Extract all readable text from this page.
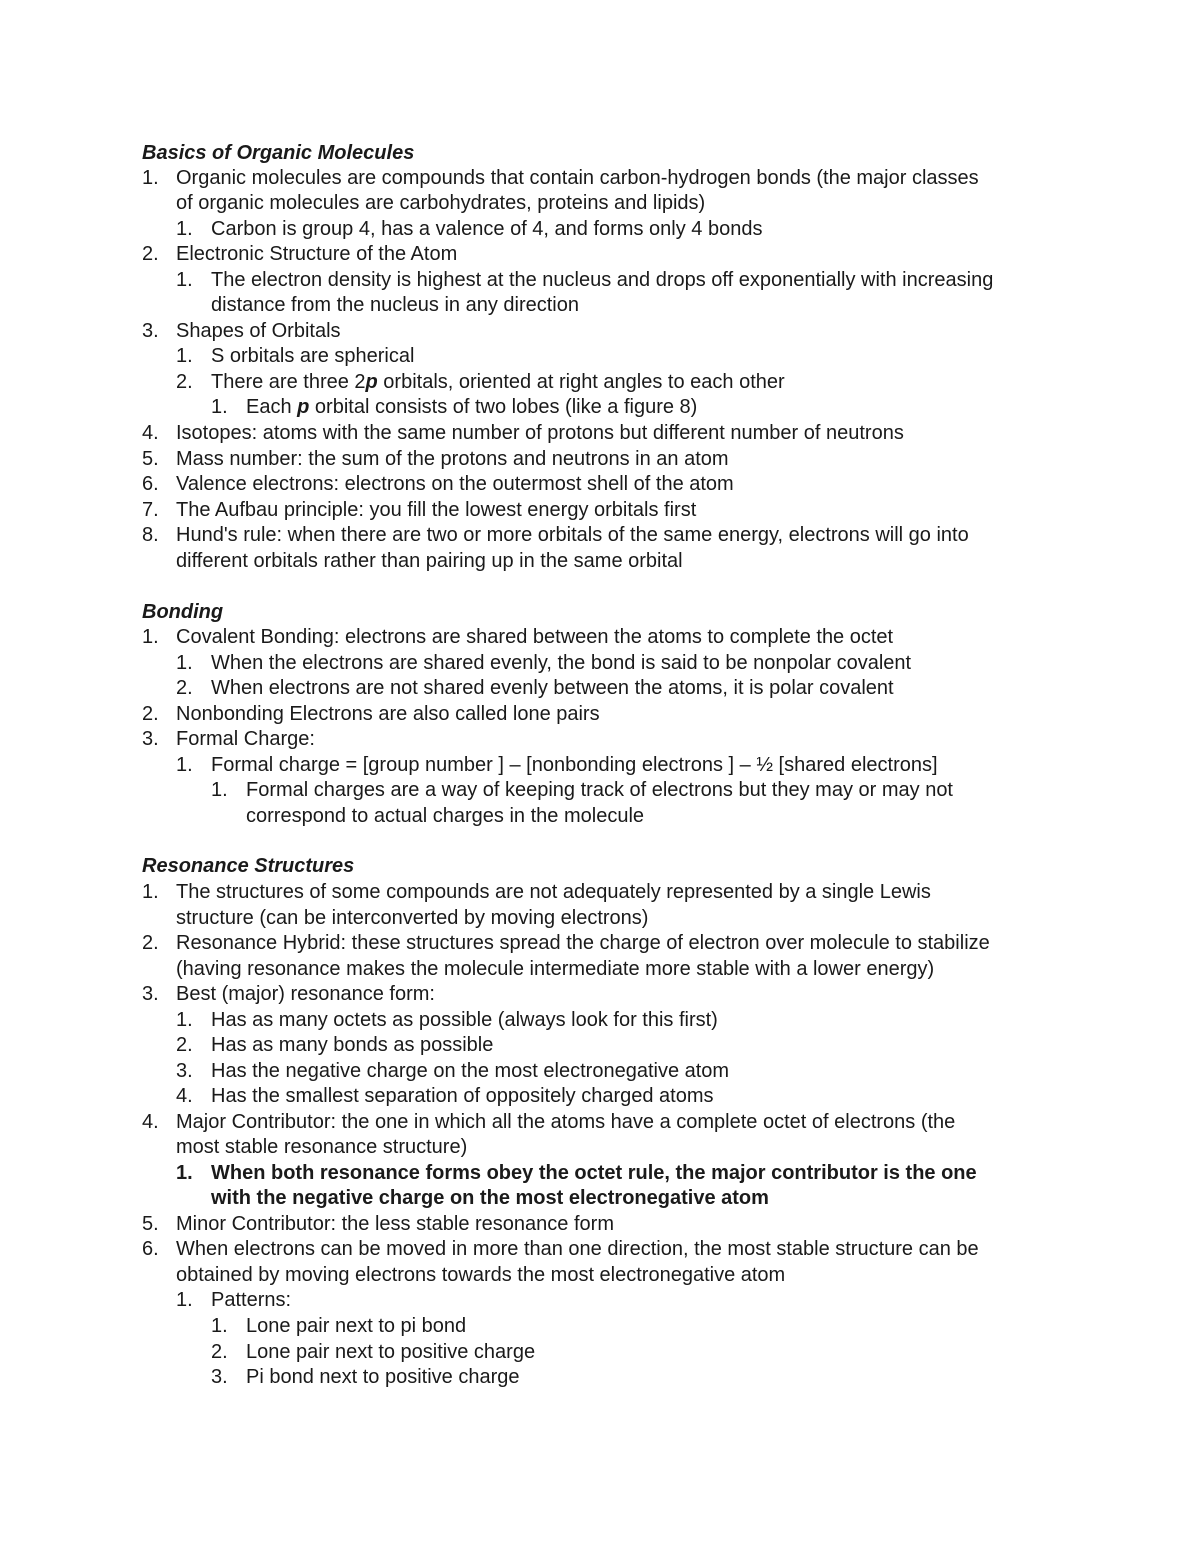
Basics of Organic Molecules
1. Organic molecules are compounds that contain carbon-hydrogen bonds (the major classes
of organic molecules are carbohydrates, proteins and lipids)
1. Carbon is group 4, has a valence of 4, and forms only 4 bonds
2. Electronic Structure of the Atom
1. The electron density is highest at the nucleus and drops off exponentially with increasing
distance from the nucleus in any direction
3. Shapes of Orbitals
1. S orbitals are spherical
2. There are three 2p orbitals, oriented at right angles to each other
1. Each p orbital consists of two lobes (like a figure 8)
4. Isotopes: atoms with the same number of protons but different number of neutrons
5. Mass number: the sum of the protons and neutrons in an atom
6. Valence electrons: electrons on the outermost shell of the atom
7. The Aufbau principle: you fill the lowest energy orbitals first
8. Hund's rule: when there are two or more orbitals of the same energy, electrons will go into
different orbitals rather than pairing up in the same orbital
Bonding
1. Covalent Bonding: electrons are shared between the atoms to complete the octet
1. When the electrons are shared evenly, the bond is said to be nonpolar covalent
2. When electrons are not shared evenly between the atoms, it is polar covalent
2. Nonbonding Electrons are also called lone pairs
3. Formal Charge:
1. Formal charge = [group number ] – [nonbonding electrons ] – ½ [shared electrons]
1. Formal charges are a way of keeping track of electrons but they may or may not
correspond to actual charges in the molecule
Resonance Structures
1. The structures of some compounds are not adequately represented by a single Lewis
structure (can be interconverted by moving electrons)
2. Resonance Hybrid: these structures spread the charge of electron over molecule to stabilize
(having resonance makes the molecule intermediate more stable with a lower energy)
3. Best (major) resonance form:
1. Has as many octets as possible (always look for this first)
2. Has as many bonds as possible
3. Has the negative charge on the most electronegative atom
4. Has the smallest separation of oppositely charged atoms
4. Major Contributor: the one in which all the atoms have a complete octet of electrons (the
most stable resonance structure)
1. When both resonance forms obey the octet rule, the major contributor is the one
with the negative charge on the most electronegative atom
5. Minor Contributor: the less stable resonance form
6. When electrons can be moved in more than one direction, the most stable structure can be
obtained by moving electrons towards the most electronegative atom
1. Patterns:
1. Lone pair next to pi bond
2. Lone pair next to positive charge
3. Pi bond next to positive charge
